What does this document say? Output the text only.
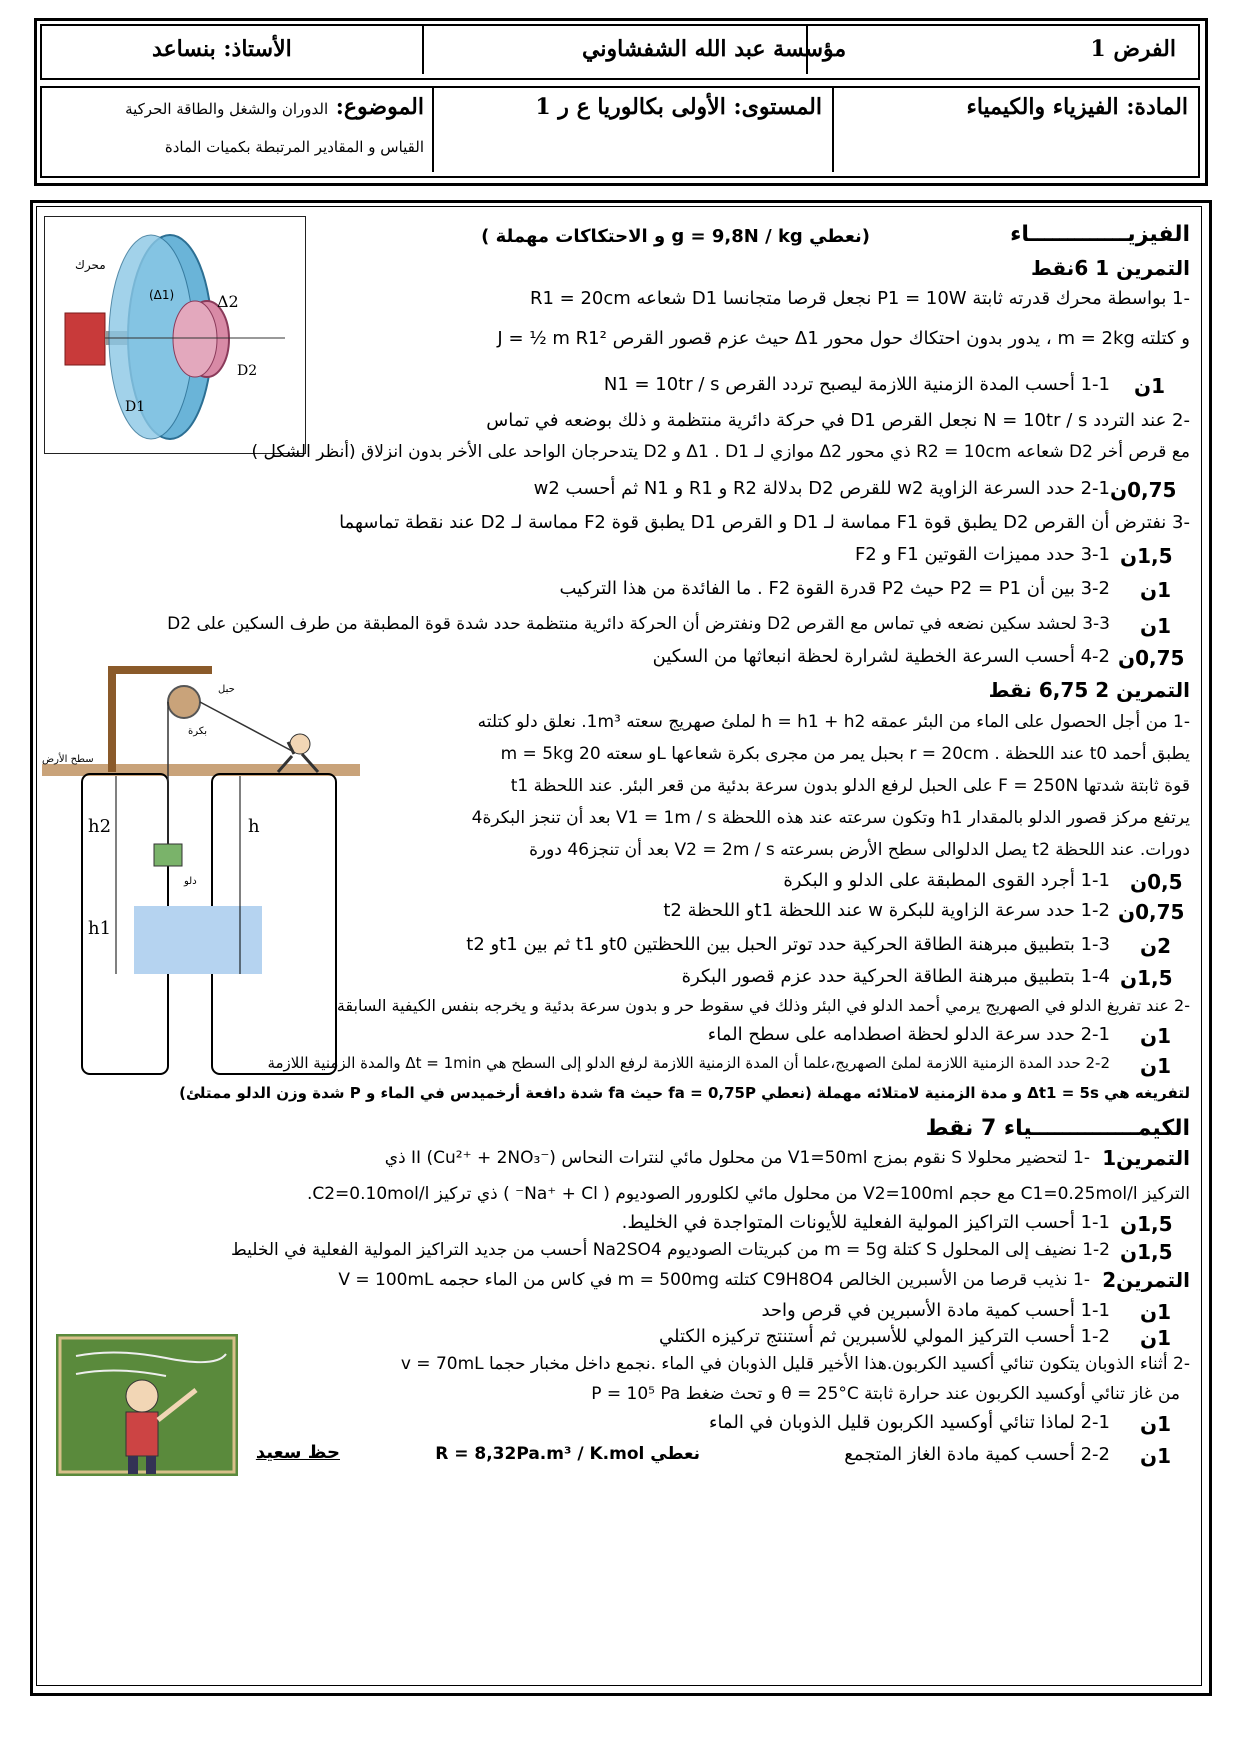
الأستاذ: بنساعد	مؤسسة عبد الله الشفشاوني	الفرض 1
الموضوع: الدوران والشغل والطاقة الحركية
القياس و المقادير المرتبطة بكميات المادة
المستوى: الأولى بكالوريا ع ر 1	المادة: الفيزياء والكيمياء
محرك
(Δ1)	Δ2
D2
D1
الفيزيـــــــــــــاء
(نعطي g = 9,8N / kg و الاحتكاكات مهملة )
التمرين 1 6نقط
-1 بواسطة محرك قدرته ثابتة P1 = 10W نجعل قرصا متجانسا D1 شعاعه R1 = 20cm
و كتلته m = 2kg ، يدور بدون احتكاك حول محور Δ1 حيث عزم قصور القرص J = ½ m R1²
1-1 أحسب المدة الزمنية اللازمة ليصبح تردد القرص N1 = 10tr / s 1ن
-2 عند التردد N = 10tr / s نجعل القرص D1 في حركة دائرية منتظمة و ذلك بوضعه في تماس
مع قرص أخر D2 شعاعه R2 = 10cm ذي محور Δ2 موازي لـ Δ1 . D1 و D2 يتدحرجان الواحد على الأخر بدون انزلاق (أنظر الشكل )
2-1 حدد السرعة الزاوية w2 للقرص D2 بدلالة R2 و R1 و N1 ثم أحسب w2 0,75ن
-3 نفترض أن القرص D2 يطبق قوة F1 مماسة لـ D1 و القرص D1 يطبق قوة F2 مماسة لـ D2 عند نقطة تماسهما
3-1 حدد مميزات القوتين F1 و F2 1,5ن
3-2 بين أن P2 = P1 حيث P2 قدرة القوة F2 . ما الفائدة من هذا التركيب 1ن
3-3 لحشد سكين نضعه في تماس مع القرص D2 ونفترض أن الحركة دائرية منتظمة حدد شدة قوة المطبقة من طرف السكين على D2 1ن
4-2 أحسب السرعة الخطية لشرارة لحظة انبعاثها من السكين 0,75ن
h2
h1
h
سطح الأرض
حبل
بكرة
دلو
التمرين 2 6,75 نقط
-1 من أجل الحصول على الماء من البئر عمقه h = h1 + h2 لملئ صهريج سعته 1m³. نعلق دلو كتلته
m = 5kg و سعته 20L بحبل يمر من مجرى بكرة شعاعها r = 20cm . عند اللحظة t0 يطبق أحمد
قوة ثابتة شدتها F = 250N على الحبل لرفع الدلو بدون سرعة بدئية من قعر البئر. عند اللحظة t1
يرتفع مركز قصور الدلو بالمقدار h1 وتكون سرعته عند هذه اللحظة V1 = 1m / s بعد أن تنجز البكرة4
دورات. عند اللحظة t2 يصل الدلوالى سطح الأرض بسرعته V2 = 2m / s بعد أن تنجز46 دورة
1-1 أجرد القوى المطبقة على الدلو و البكرة 0,5ن
1-2 حدد سرعة الزاوية للبكرة w عند اللحظة t1و اللحظة t2 0,75ن
1-3 بتطبيق مبرهنة الطاقة الحركية حدد توتر الحبل بين اللحظتين t0و t1 ثم بين t1و t2 2ن
1-4 بتطبيق مبرهنة الطاقة الحركية حدد عزم قصور البكرة 1,5ن
-2 عند تفريغ الدلو في الصهريج يرمي أحمد الدلو في البئر وذلك في سقوط حر و بدون سرعة بدئية و يخرجه بنفس الكيفية السابقة
2-1 حدد سرعة الدلو لحظة اصطدامه على سطح الماء 1ن
2-2 حدد المدة الزمنية اللازمة لملئ الصهريج،علما أن المدة الزمنية اللازمة لرفع الدلو إلى السطح هي Δt = 1min والمدة الزمنية اللازمة 1ن
لتفريغه هي Δt1 = 5s و مدة الزمنية لامتلائه مهملة (نعطي fa = 0,75P حيث fa شدة دافعة أرخميدس في الماء و P شدة وزن الدلو ممتلئ)
الكيمــــــــــــــياء 7 نقط
التمرين1
-1 لتحضير محلولا S نقوم بمزج V1=50ml من محلول مائي لنترات النحاس II (Cu²⁺ + 2NO₃⁻) ذي
التركيز C1=0.25mol/l مع حجم V2=100ml من محلول مائي لكلورور الصوديوم ( Na⁺ + Cl⁻ ) ذي تركيز C2=0.10mol/l.
1-1 أحسب التراكيز المولية الفعلية للأيونات المتواجدة في الخليط. 1,5ن
1-2 نضيف إلى المحلول S كتلة m = 5g من كبريتات الصوديوم Na2SO4 أحسب من جديد التراكيز المولية الفعلية في الخليط 1,5ن
التمرين2
-1 نذيب قرصا من الأسبرين الخالص C9H8O4 كتلته m = 500mg في كاس من الماء حجمه V = 100mL
1-1 أحسب كمية مادة الأسبرين في قرص واحد 1ن
1-2 أحسب التركيز المولي للأسبرين ثم أستنتج تركيزه الكتلي 1ن
-2 أثناء الذوبان يتكون تنائي أكسيد الكربون.هذا الأخير قليل الذوبان في الماء .نجمع داخل مخبار حجما v = 70mL
من غاز تنائي أوكسيد الكربون عند حرارة ثابتة θ = 25°C و تحث ضغط P = 10⁵ Pa
2-1 لماذا تنائي أوكسيد الكربون قليل الذوبان في الماء 1ن
2-2 أحسب كمية مادة الغاز المتجمع 1ن
نعطي R = 8,32Pa.m³ / K.mol
حظ سعيد
